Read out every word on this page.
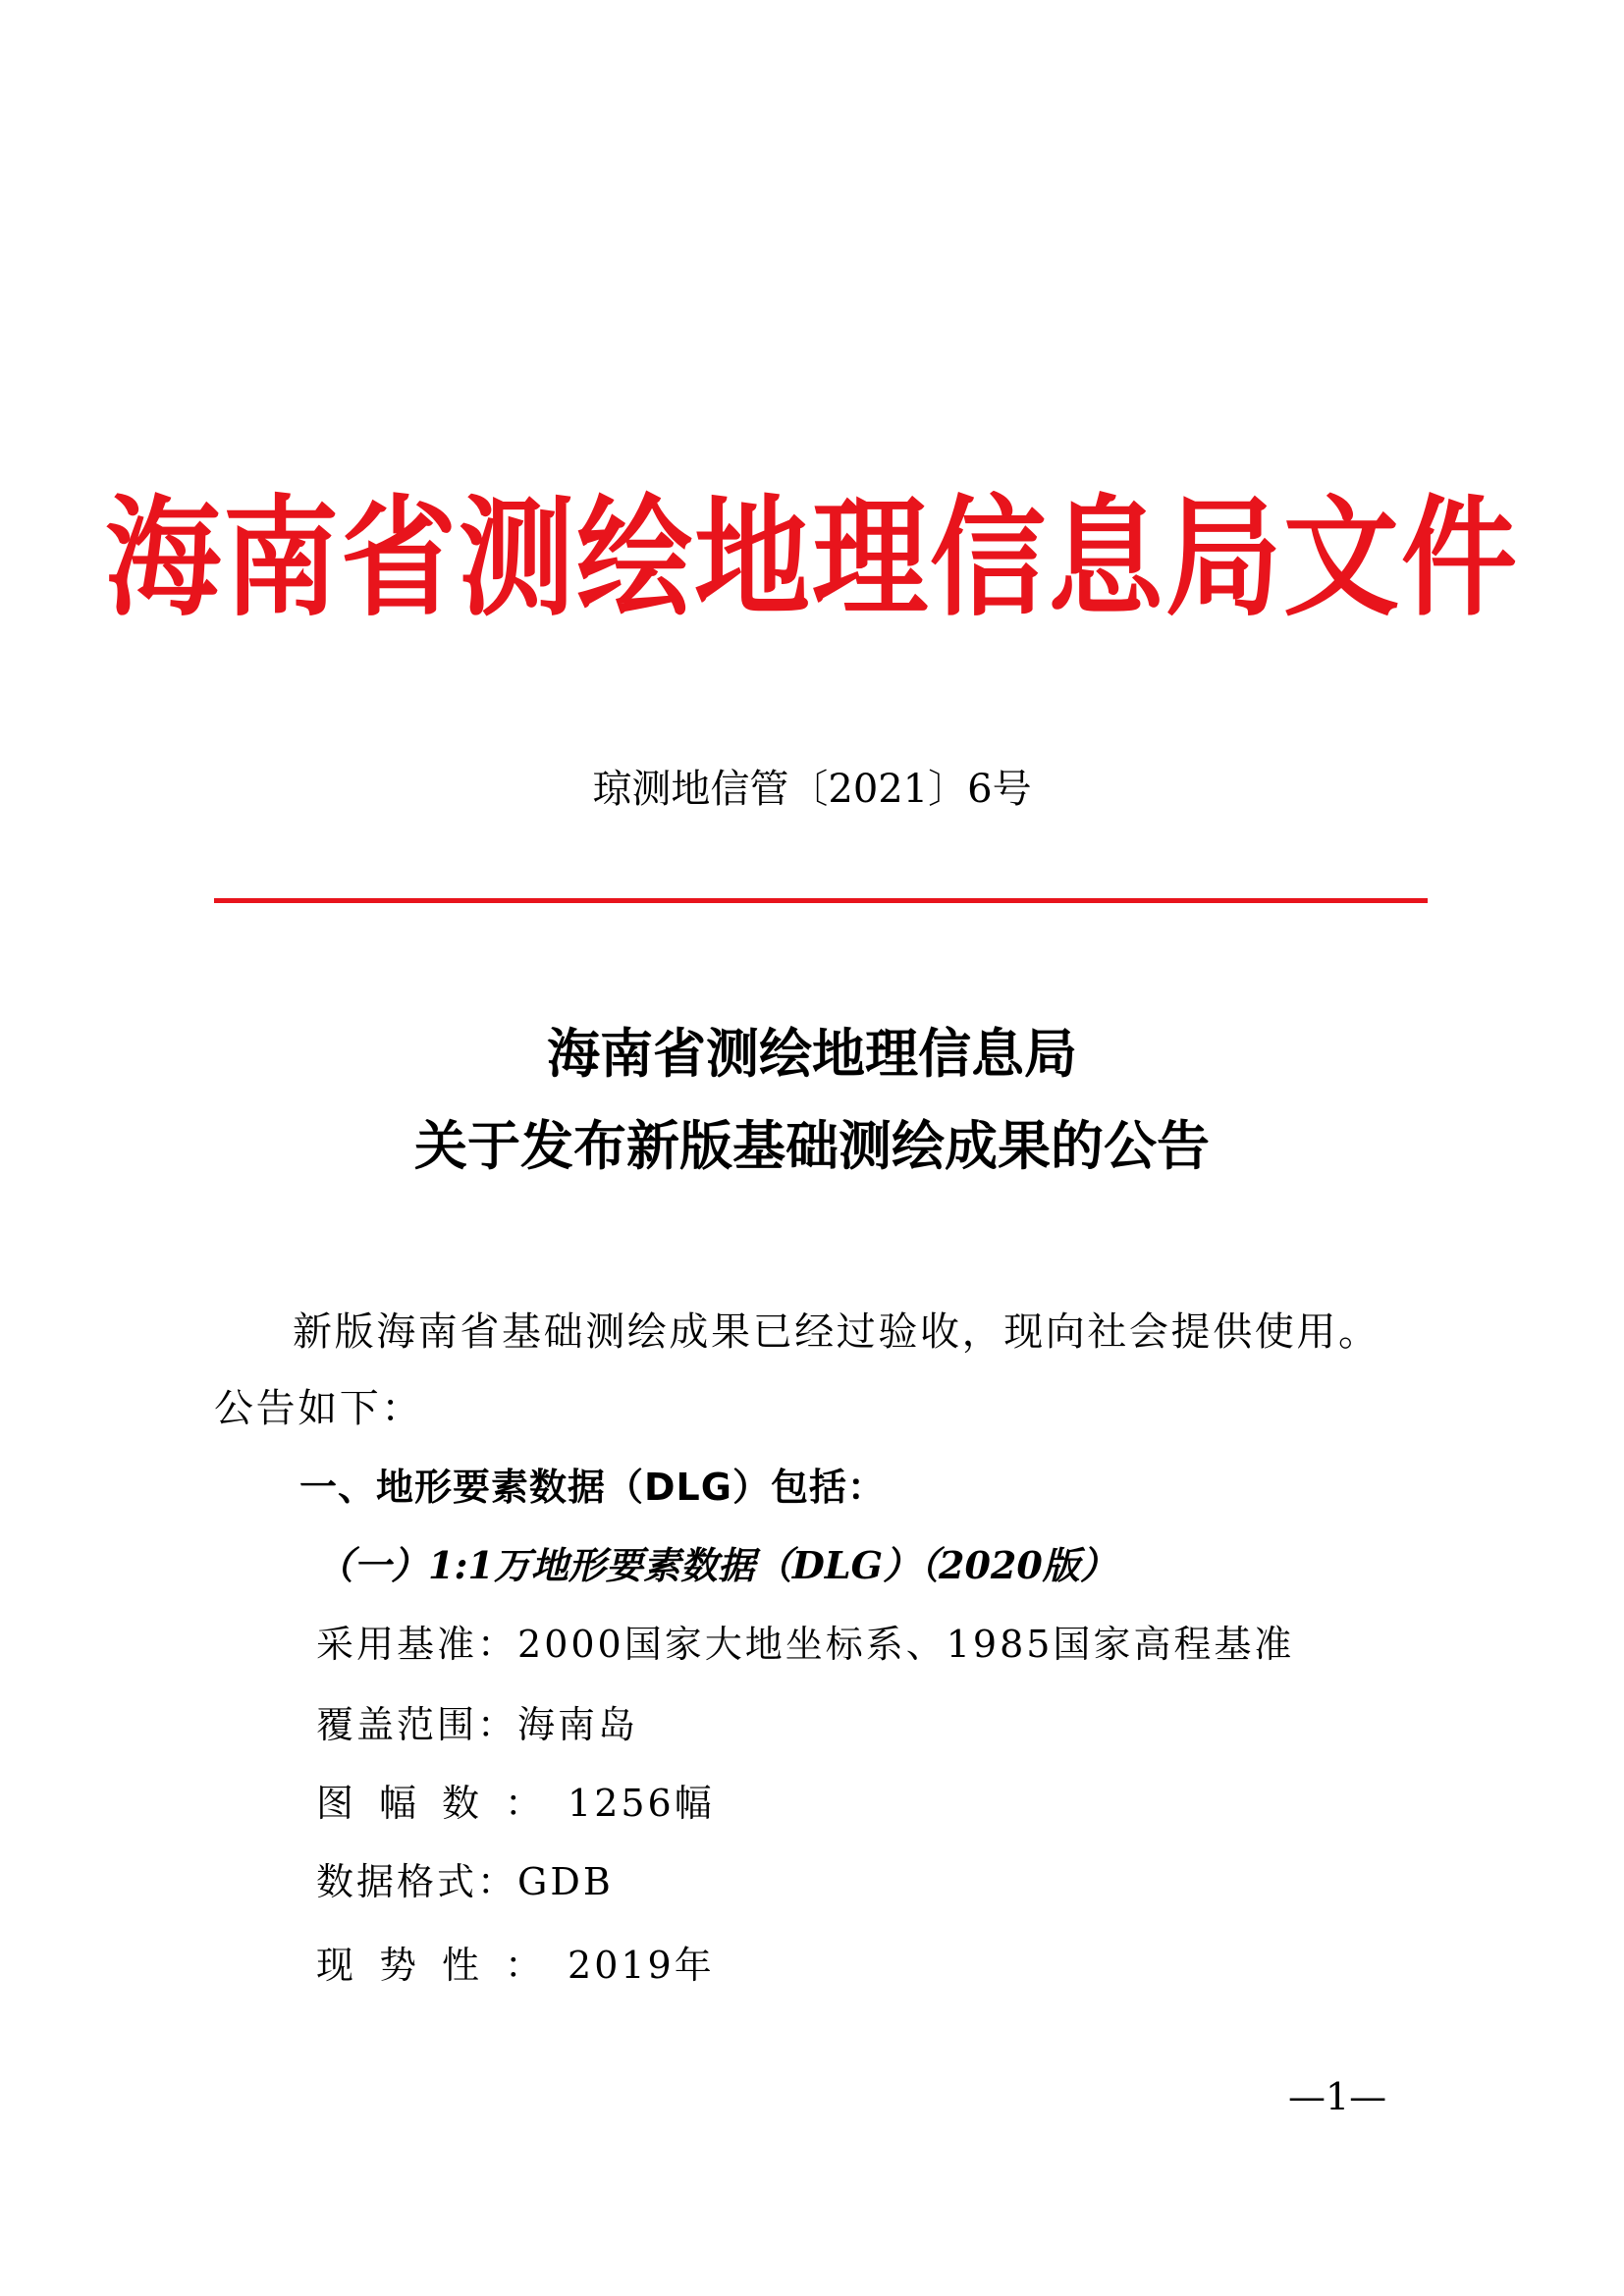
海南省测绘地理信息局文件
琼测地信管〔2021〕6号
海南省测绘地理信息局
关于发布新版基础测绘成果的公告
新版海南省基础测绘成果已经过验收，现向社会提供使用。
公告如下：
一、地形要素数据（DLG）包括：
（一）1:1万地形要素数据（DLG）（2020版）
采用基准：2000国家大地坐标系、1985国家高程基准
覆盖范围：海南岛
图幅数：1256幅
数据格式：GDB
现势性：2019年
—1—
